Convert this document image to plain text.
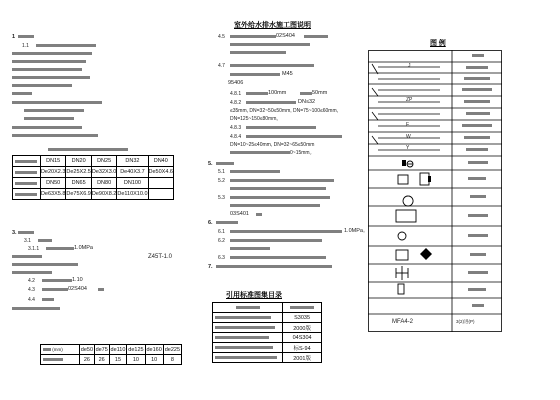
1
1.1
	DN15	DN20	DN25	DN32	DN40
	De20X2.3	De25X2.5	De32X3.0	De40X3.7	De50X4.6
	DN50	DN65	DN80	DN100	
	De63X5.8	De75X6.9	De90X8.2	De110X10.0	
3.
3.1
3.1.1	1.0MPa
Z45T-1.0
4.2	1.10
4.3	02S404
4.4
(mm)	de50	de75	de110	de125	de160	de225
	26	26	15	10	10	8
室外给水排水施工图说明
4.5	02S404
4.7
M45
95406
4.8.1	100mm	50mm
4.8.2	DN≤32
≤35mm, DN=32~50≤50mm, DN=75~100≤60mm,
DN=125~150≤80mm。
4.8.3
4.8.4
DN=10~25≤40mm, DN=32~65≤50mm
0~15mm。
5.
5.1
5.2
5.3
03S401
6.
6.1	1.0MPa。
6.2
6.3
7.
引用标准图集目录

	S3035
	2000版
	04S304
	标S-94
	2001版
图 例
J
ZP
F
W
Y
MFA4-2	3(2)进(P)
